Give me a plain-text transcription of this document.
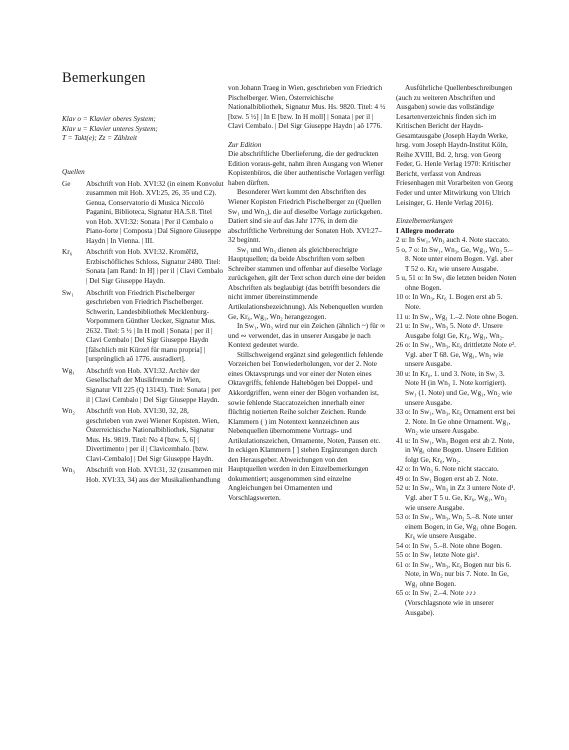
Bemerkungen
Klav o = Klavier oberes System;
Klav u = Klavier unteres System;
T = Takt(e); Zz = Zählzeit
Quellen
Ge	Abschrift von Hob. XVI:32 (in einem Konvolut zusammen mit Hob. XVI:25, 26, 35 und C2). Genua, Conservatorio di Musica Niccolò Paganini, Biblioteca, Signatur HA.5.8. Titel von Hob. XVI:32: Sonata | Per il Cembalo o Piano-forte | Composta | Dal Signore Giuseppe Haydn | In Vienna. | III.
Kr₆	Abschrift von Hob. XVI:32. Kroměříž, Erzbischöfliches Schloss, Signatur 2480. Titel: Sonata [am Rand: In H] | per il | Clavi Cembalo | Del Sigr Giuseppe Haydn.
Sw₁	Abschrift von Friedrich Pischelberger geschrieben von Friedrich Pischelberger. Schwerin, Landesbibliothek Mecklenburg-Vorpommern Günther Uecker, Signatur Mus. 2632. Titel: 5 ½ | In H moll | Sonata | per il | Clavi Cembalo | Del Sigr Giuseppe Haydn [fälschlich mit Kürzel für manu propria] | [ursprünglich aõ 1776. ausradiert].
Wg₁	Abschrift von Hob. XVI:32. Archiv der Gesellschaft der Musikfreunde in Wien, Signatur VII 225 (Q 13143). Titel: Sonata | per il | Clavi Cembalo | Del Sigr Giuseppe Haydn.
Wn₂	Abschrift von Hob. XVI:30, 32, 28, geschrieben von zwei Wiener Kopisten. Wien, Österreichische Nationalbibliothek, Signatur Mus. Hs. 9819. Titel: No 4 [bzw. 5, 6] | Divertimento | per il | Clavicembalo. [bzw. Clavi-Cembalo] | Del Sigr Giuseppe Haydn.
Wn₃	Abschrift von Hob. XVI:31, 32 (zusammen mit Hob. XVI:33, 34) aus der Musikalienhandlung

von Johann Traeg in Wien, geschrieben von Friedrich Pischelberger. Wien, Österreichische Nationalbibliothek, Signatur Mus. Hs. 9820. Titel: 4 ½ [bzw. 5 ½] | In E [bzw. In H moll] | Sonata | per il | Clavi Cembalo. | Del Sigr Giuseppe Haydn | aõ 1776.

Zur Edition

Die abschriftliche Überlieferung, die der gedruckten Edition voraus-geht, nahm ihren Ausgang von Wiener Kopistenbüros, die über authentische Vorlagen verfügt haben dürften.

Besonderer Wert kommt den Abschriften des Wiener Kopisten Friedrich Pischelberger zu (Quellen Sw₁ und Wn₃), die auf dieselbe Vorlage zurückgehen. Datiert sind sie auf das Jahr 1776, in dem die abschriftliche Verbreitung der Sonaten Hob. XVI:27–32 beginnt.

Sw₁ und Wn₃ dienen als gleichberechtigte Hauptquellen; da beide Abschriften vom selben Schreiber stammen und offenbar auf dieselbe Vorlage zurückgehen, gilt der Text schon durch eine der beiden Abschriften als beglaubigt (das betrifft besonders die nicht immer übereinstimmende Artikulationsbezeichnung). Als Nebenquellen wurden Ge, Kr₆, Wg₁, Wn₂ herangezogen.

In Sw₁, Wn₃ wird nur ein Zeichen (ähnlich ~) für ∞ und ∾ verwendet, das in unserer Ausgabe je nach Kontext gedeutet wurde.

Stillschweigend ergänzt sind gelegentlich fehlende Vorzeichen bei Tonwiederholungen, vor der 2. Note eines Oktavsprungs und vor einer der Noten eines Oktavgriffs, fehlende Haltebögen bei Doppel- und Akkordgriffen, wenn einer der Bögen vorhanden ist, sowie fehlende Staccatozeichen innerhalb einer flüchtig notierten Reihe solcher Zeichen. Runde Klammern ( ) im Notentext kennzeichnen aus Nebenquellen übernommene Vortrags- und Artikulationszeichen, Ornamente, Noten, Pausen etc. In eckigen Klammern [ ] stehen Ergänzungen durch den Herausgeber. Abweichungen von den Hauptquellen werden in den Einzelbemerkungen dokumentiert; ausgenommen sind einzelne Angleichungen bei Ornamenten und Vorschlagswerten.

Ausführliche Quellenbeschreibungen (auch zu weiteren Abschriften und Ausgaben) sowie das vollständige Lesartenverzeichnis finden sich im Kritischen Bericht der Haydn-Gesamtausgabe (Joseph Haydn Werke, hrsg. vom Joseph Haydn-Institut Köln, Reihe XVIII, Bd. 2, hrsg. von Georg Feder, G. Henle Verlag 1970: Kritischer Bericht, verfasst von Andreas Friesenhagen mit Vorarbeiten von Georg Feder und unter Mitwirkung von Ulrich Leisinger, G. Henle Verlag 2016).

Einzelbemerkungen
I Allegro moderato
2 u: In Sw₁, Wn₃ auch 4. Note staccato.
5 o, 7 o: In Sw₁, Wn₃, Ge, Wg₁, Wn₂ 5.–8. Note unter einem Bogen. Vgl. aber T 52 o. Kr₆ wie unsere Ausgabe.
5 u, 51 o: In Sw₁ die letzten beiden Noten ohne Bogen.
10 o: In Wn₃, Kr₆ 1. Bogen erst ab 5. Note.
11 u: In Sw₁, Wg₁ 1.–2. Note ohne Bogen.
21 u: In Sw₁, Wn₃ 5. Note d¹. Unsere Ausgabe folgt Ge, Kr₆, Wg₁, Wn₂.
26 o: In Sw₁, Wn₃, Kr₆ drittletzte Note e². Vgl. aber T 68. Ge, Wg₁, Wn₂ wie unsere Ausgabe.
30 u: In Kr₆, 1. und 3. Note, in Sw₁ 3. Note H (in Wn₃ 1. Note korrigiert). Sw₁ (1. Note) und Ge, Wg₁, Wn₂ wie unsere Ausgabe.
33 o: In Sw₁, Wn₃, Kr₆ Ornament erst bei 2. Note. In Ge ohne Ornament. Wg₁, Wn₂ wie unsere Ausgabe.
41 u: In Sw₁, Wn₃ Bogen erst ab 2. Note, in Wg₁ ohne Bogen. Unsere Edition folgt Ge, Kr₆, Wn₂.
42 o: In Wn₃ 6. Note nicht staccato.
49 o: In Sw₁ Bogen erst ab 2. Note.
52 u: In Sw₁, Wn₃ in Zz 3 untere Note d¹. Vgl. aber T 5 u. Ge, Kr₆, Wg₁, Wn₂ wie unsere Ausgabe.
53 o: In Sw₁, Wn₃, Wn₂ 5.–8. Note unter einem Bogen, in Ge, Wg₁ ohne Bogen. Kr₆ wie unsere Ausgabe.
54 o: In Sw₁ 5.–8. Note ohne Bogen.
55 o: In Sw₁ letzte Note gis¹.
61 o: In Sw₁, Wn₃, Kr₆ Bogen nur bis 6. Note, in Wn₂ nur bis 7. Note. In Ge, Wg₁ ohne Bogen.
65 o: In Sw₁ 2.–4. Note ♪♪♪ (Vorschlagsnote wie in unserer Ausgabe).
